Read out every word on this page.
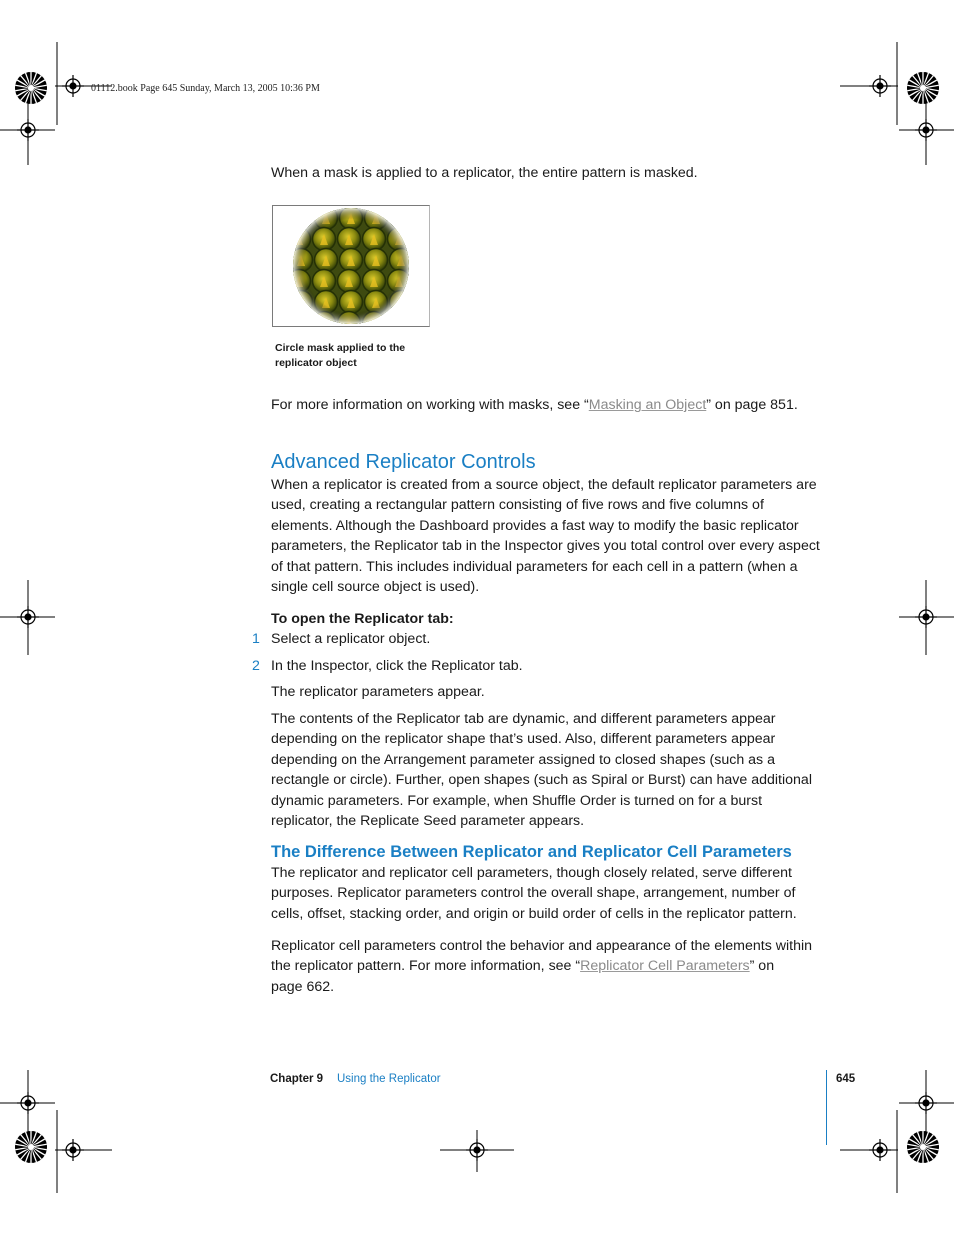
01112.book Page 645 Sunday, March 13, 2005 10:36 PM
When a mask is applied to a replicator, the entire pattern is masked.
Circle mask applied to the
replicator object
For more information on working with masks, see “Masking an Object” on page 851.
Advanced Replicator Controls
When a replicator is created from a source object, the default replicator parameters are
used, creating a rectangular pattern consisting of five rows and five columns of
elements. Although the Dashboard provides a fast way to modify the basic replicator
parameters, the Replicator tab in the Inspector gives you total control over every aspect
of that pattern. This includes individual parameters for each cell in a pattern (when a
single cell source object is used).
To open the Replicator tab:
1 Select a replicator object.
2 In the Inspector, click the Replicator tab.
The replicator parameters appear.
The contents of the Replicator tab are dynamic, and different parameters appear
depending on the replicator shape that’s used. Also, different parameters appear
depending on the Arrangement parameter assigned to closed shapes (such as a
rectangle or circle). Further, open shapes (such as Spiral or Burst) can have additional
dynamic parameters. For example, when Shuffle Order is turned on for a burst
replicator, the Replicate Seed parameter appears.
The Difference Between Replicator and Replicator Cell Parameters
The replicator and replicator cell parameters, though closely related, serve different
purposes. Replicator parameters control the overall shape, arrangement, number of
cells, offset, stacking order, and origin or build order of cells in the replicator pattern.
Replicator cell parameters control the behavior and appearance of the elements within
the replicator pattern. For more information, see “Replicator Cell Parameters” on
page 662.
Chapter 9 Using the Replicator	645
